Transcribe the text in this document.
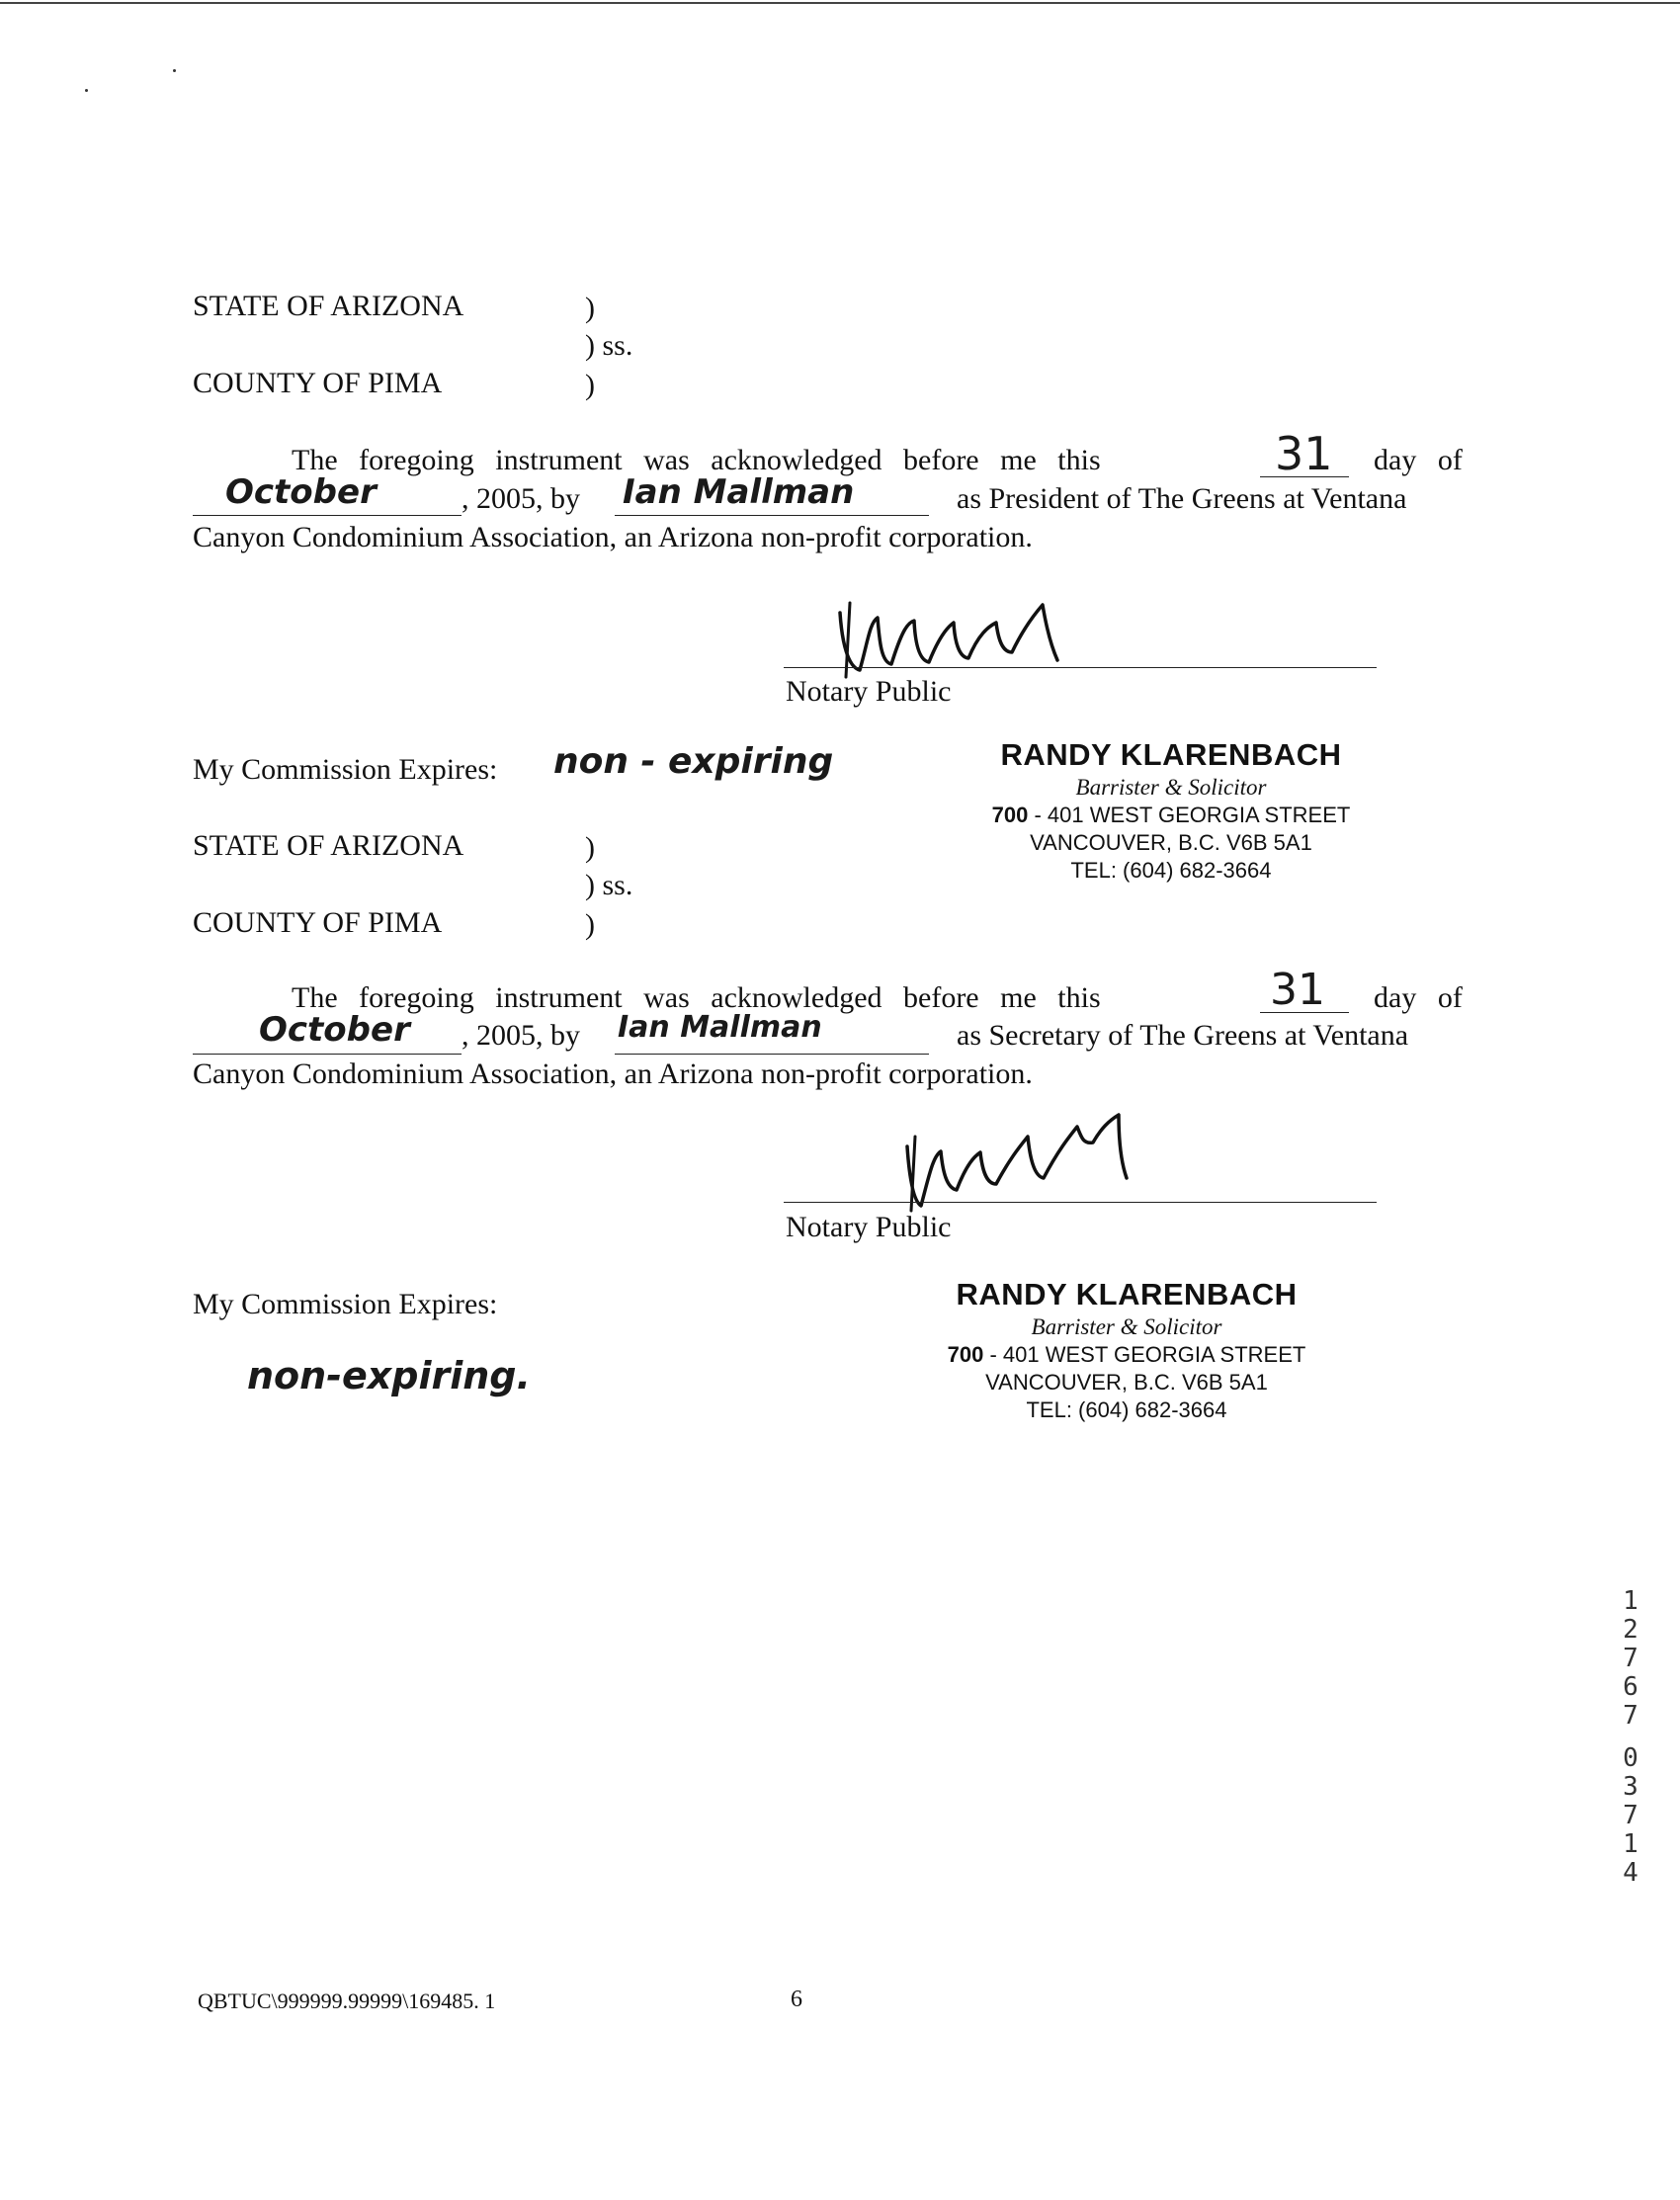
STATE OF ARIZONA	)
) ss.
COUNTY OF PIMA	)
The foregoing instrument was acknowledged before me this	31 day of
October	, 2005, by Ian Mallman	as President of The Greens at Ventana
Canyon Condominium Association, an Arizona non-profit corporation.
Notary Public
My Commission Expires: non - expiring	RANDY KLARENBACH
Barrister & Solicitor
700 - 401 WEST GEORGIA STREET
VANCOUVER, B.C. V6B 5A1
TEL: (604) 682-3664
STATE OF ARIZONA	)
) ss.
COUNTY OF PIMA	)
The foregoing instrument was acknowledged before me this	31 day of
October , 2005, by Ian Mallman	as Secretary of The Greens at Ventana
Canyon Condominium Association, an Arizona non-profit corporation.
Notary Public
My Commission Expires:
non-expiring.
RANDY KLARENBACH
Barrister & Solicitor
700 - 401 WEST GEORGIA STREET
VANCOUVER, B.C. V6B 5A1
TEL: (604) 682-3664
1
2
7
6
7
0
3
7
1
4
QBTUC\999999.99999\169485. 1	6
